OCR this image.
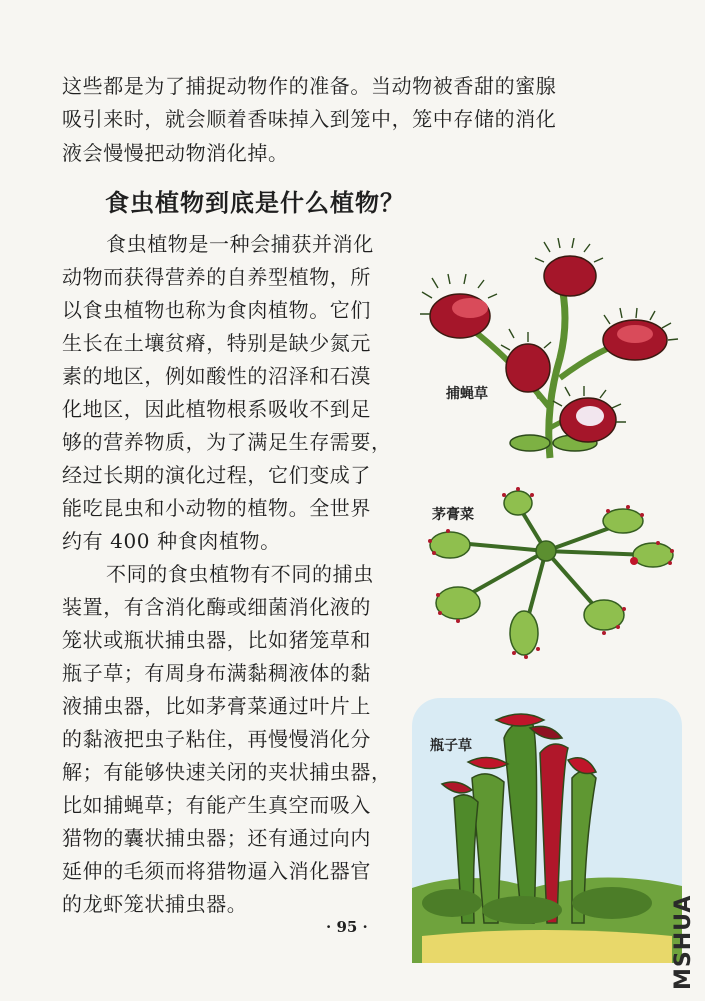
这些都是为了捕捉动物作的准备。当动物被香甜的蜜腺
吸引来时，就会顺着香味掉入到笼中，笼中存储的消化
液会慢慢把动物消化掉。
食虫植物到底是什么植物？
食虫植物是一种会捕获并消化
动物而获得营养的自养型植物，所
以食虫植物也称为食肉植物。它们
生长在土壤贫瘠，特别是缺少氮元
素的地区，例如酸性的沼泽和石漠
化地区，因此植物根系吸收不到足
够的营养物质，为了满足生存需要，
经过长期的演化过程，它们变成了
能吃昆虫和小动物的植物。全世界
约有 400 种食肉植物。
不同的食虫植物有不同的捕虫
装置，有含消化酶或细菌消化液的
笼状或瓶状捕虫器，比如猪笼草和
瓶子草；有周身布满黏稠液体的黏
液捕虫器，比如茅膏菜通过叶片上
的黏液把虫子粘住，再慢慢消化分
解；有能够快速关闭的夹状捕虫器，
比如捕蝇草；有能产生真空而吸入
猎物的囊状捕虫器；还有通过向内
延伸的毛须而将猎物逼入消化器官
的龙虾笼状捕虫器。
捕蝇草
茅膏菜
瓶子草
· 95 ·	MSHUA
